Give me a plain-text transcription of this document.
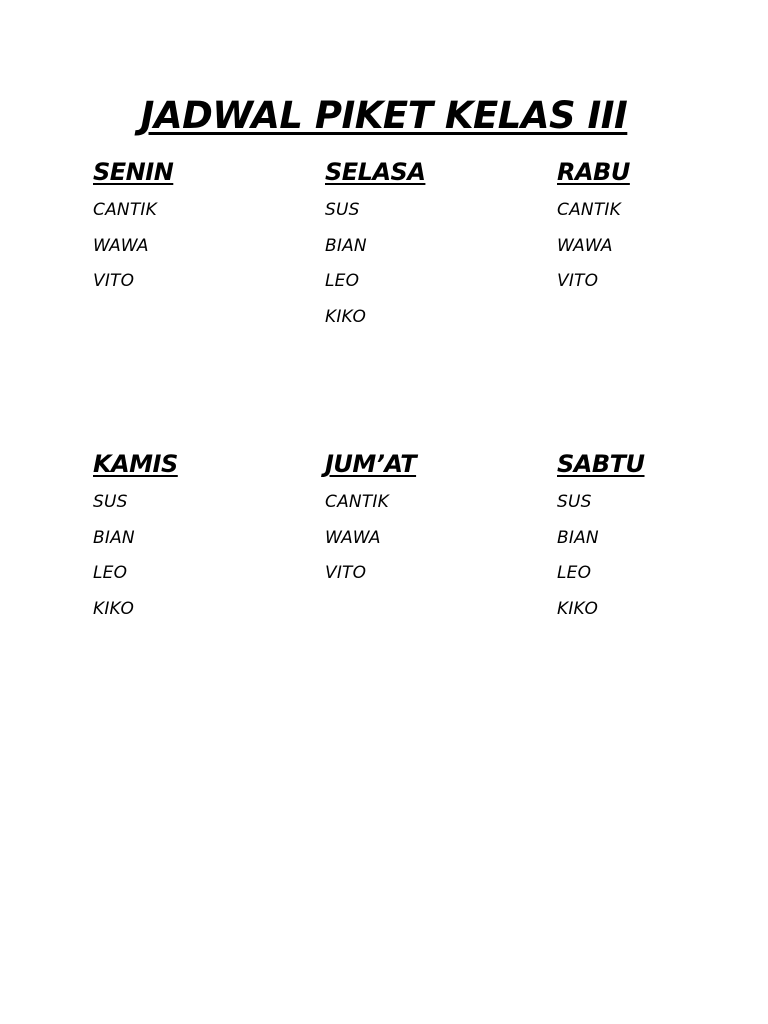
JADWAL PIKET KELAS III
SENIN
CANTIK
WAWA
VITO
SELASA
SUS
BIAN
LEO
KIKO
RABU
CANTIK
WAWA
VITO
KAMIS
SUS
BIAN
LEO
KIKO
JUM’AT
CANTIK
WAWA
VITO
SABTU
SUS
BIAN
LEO
KIKO
